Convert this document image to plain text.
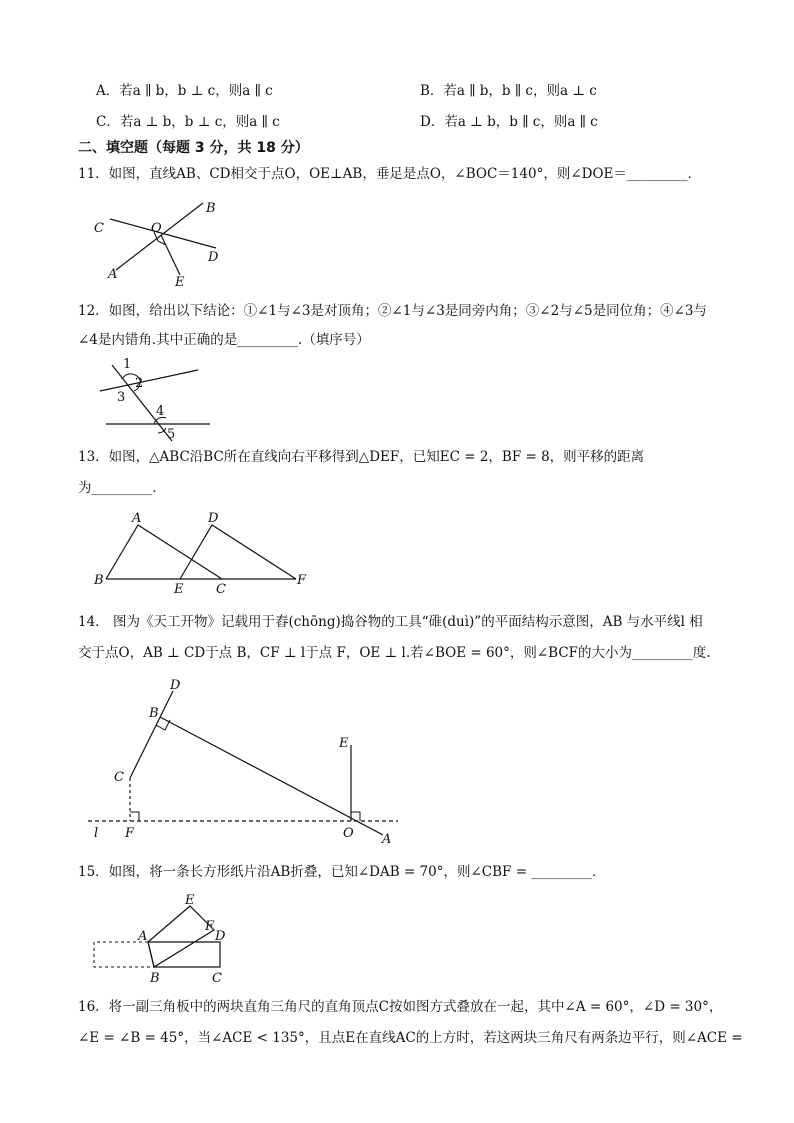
A．若a ∥ b，b ⊥ c，则a ∥ c	B．若a ∥ b，b ∥ c，则a ⊥ c
C．若a ⊥ b，b ⊥ c，则a ∥ c	D．若a ⊥ b，b ∥ c，则a ∥ c
二、填空题（每题 3 分，共 18 分）
11．如图，直线AB、CD相交于点O，OE⊥AB，垂足是点O，∠BOC＝140°，则∠DOE＝_________．
C	O
B
D
A
E
12．如图，给出以下结论：①∠1与∠3是对顶角；②∠1与∠3是同旁内角；③∠2与∠5是同位角；④∠3与
∠4是内错角.其中正确的是_________.（填序号）
1
2
3
4
5
13．如图，△ABC沿BC所在直线向右平移得到△DEF，已知EC = 2，BF = 8，则平移的距离
为_________．
A	D
B
E	C
F
14． 图为《天工开物》记载用于舂(chōng)捣谷物的工具“碓(duì)”的平面结构示意图，AB 与水平线l 相
交于点O，AB ⊥ CD于点 B，CF ⊥ l于点 F，OE ⊥ l.若∠BOE = 60°，则∠BCF的大小为_________度.
D
B
E
C
l F	O A
15．如图，将一条长方形纸片沿AB折叠，已知∠DAB = 70°，则∠CBF = _________．
E
F
A	D
B	C
16．将一副三角板中的两块直角三角尺的直角顶点C按如图方式叠放在一起，其中∠A = 60°，∠D = 30°，
∠E = ∠B = 45°，当∠ACE < 135°，且点E在直线AC的上方时，若这两块三角尺有两条边平行，则∠ACE =
